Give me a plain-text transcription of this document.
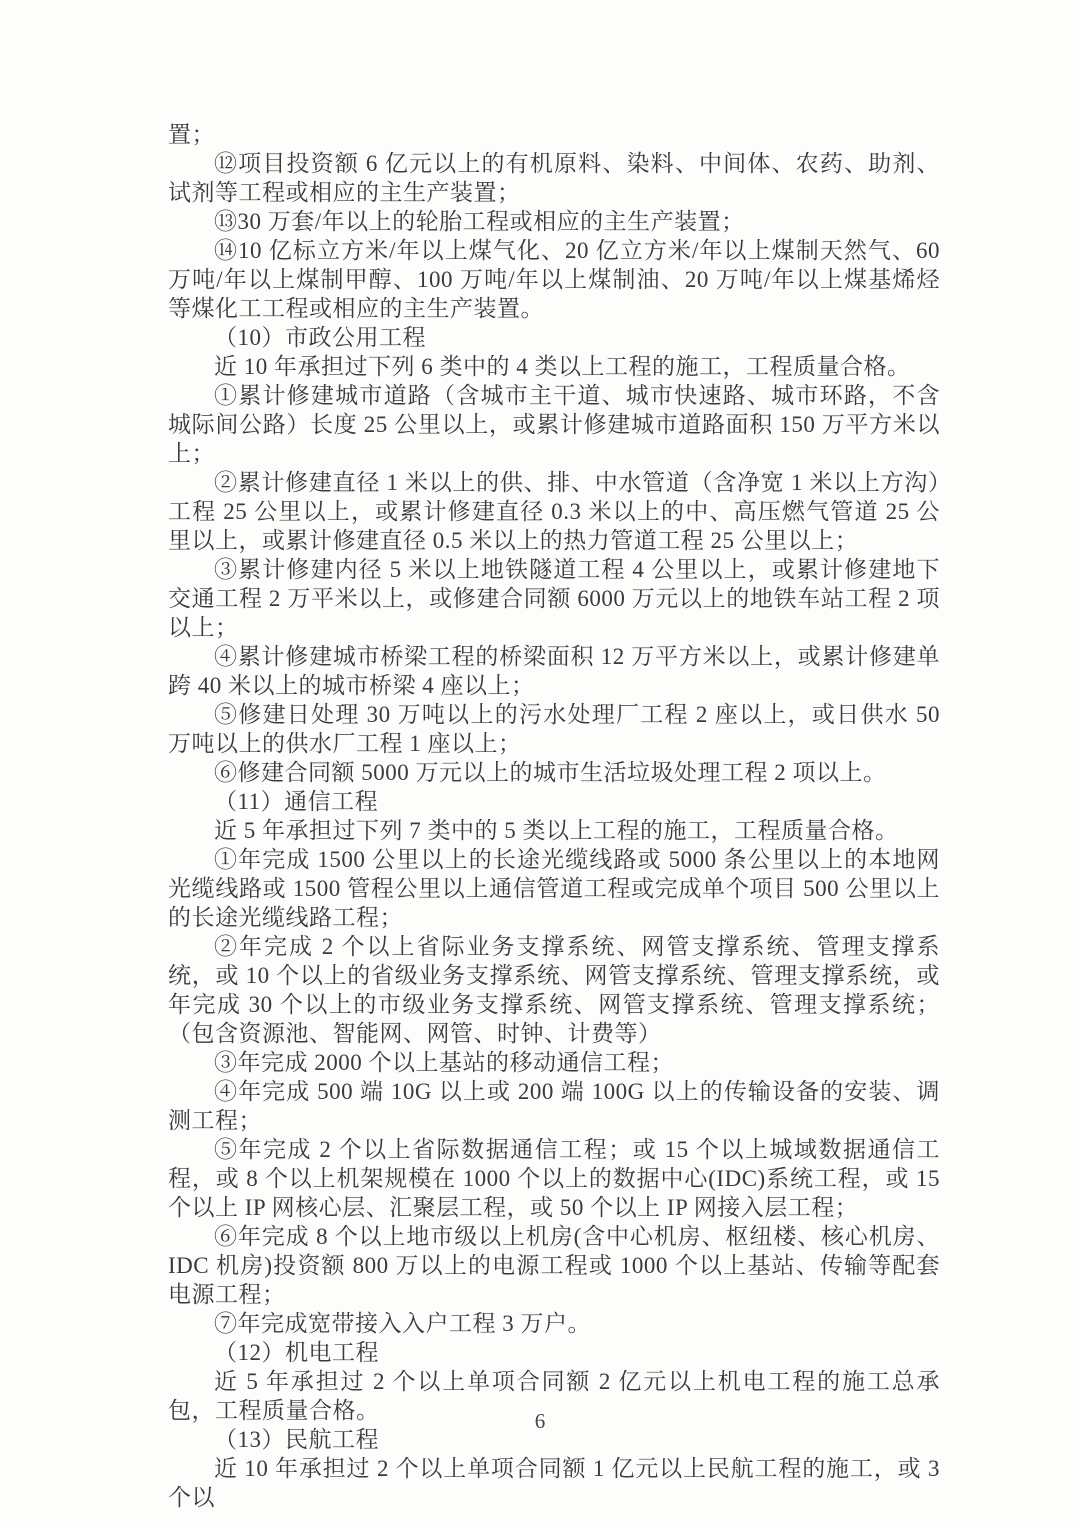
置；

⑫项目投资额 6 亿元以上的有机原料、染料、中间体、农药、助剂、试剂等工程或相应的主生产装置；

⑬30 万套/年以上的轮胎工程或相应的主生产装置；

⑭10 亿标立方米/年以上煤气化、20 亿立方米/年以上煤制天然气、60 万吨/年以上煤制甲醇、100 万吨/年以上煤制油、20 万吨/年以上煤基烯烃等煤化工工程或相应的主生产装置。

（10）市政公用工程

近 10 年承担过下列 6 类中的 4 类以上工程的施工，工程质量合格。

①累计修建城市道路（含城市主干道、城市快速路、城市环路，不含城际间公路）长度 25 公里以上，或累计修建城市道路面积 150 万平方米以上；

②累计修建直径 1 米以上的供、排、中水管道（含净宽 1 米以上方沟）工程 25 公里以上，或累计修建直径 0.3 米以上的中、高压燃气管道 25 公里以上，或累计修建直径 0.5 米以上的热力管道工程 25 公里以上；

③累计修建内径 5 米以上地铁隧道工程 4 公里以上，或累计修建地下交通工程 2 万平米以上，或修建合同额 6000 万元以上的地铁车站工程 2 项以上；

④累计修建城市桥梁工程的桥梁面积 12 万平方米以上，或累计修建单跨 40 米以上的城市桥梁 4 座以上；

⑤修建日处理 30 万吨以上的污水处理厂工程 2 座以上，或日供水 50 万吨以上的供水厂工程 1 座以上；

⑥修建合同额 5000 万元以上的城市生活垃圾处理工程 2 项以上。

（11）通信工程

近 5 年承担过下列 7 类中的 5 类以上工程的施工，工程质量合格。

①年完成 1500 公里以上的长途光缆线路或 5000 条公里以上的本地网光缆线路或 1500 管程公里以上通信管道工程或完成单个项目 500 公里以上的长途光缆线路工程；

②年完成 2 个以上省际业务支撑系统、网管支撑系统、管理支撑系统，或 10 个以上的省级业务支撑系统、网管支撑系统、管理支撑系统，或年完成 30 个以上的市级业务支撑系统、网管支撑系统、管理支撑系统；（包含资源池、智能网、网管、时钟、计费等）

③年完成 2000 个以上基站的移动通信工程；

④年完成 500 端 10G 以上或 200 端 100G 以上的传输设备的安装、调测工程；

⑤年完成 2 个以上省际数据通信工程；或 15 个以上城域数据通信工程，或 8 个以上机架规模在 1000 个以上的数据中心(IDC)系统工程，或 15 个以上 IP 网核心层、汇聚层工程，或 50 个以上 IP 网接入层工程；

⑥年完成 8 个以上地市级以上机房(含中心机房、枢纽楼、核心机房、IDC 机房)投资额 800 万以上的电源工程或 1000 个以上基站、传输等配套电源工程；

⑦年完成宽带接入入户工程 3 万户。

（12）机电工程

近 5 年承担过 2 个以上单项合同额 2 亿元以上机电工程的施工总承包，工程质量合格。

（13）民航工程

近 10 年承担过 2 个以上单项合同额 1 亿元以上民航工程的施工，或 3 个以

6
